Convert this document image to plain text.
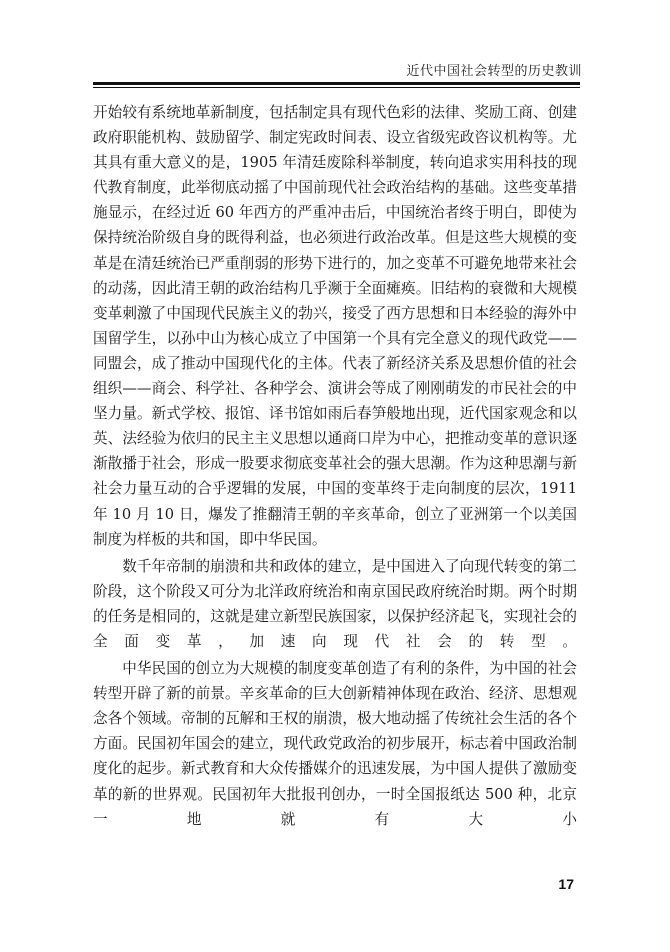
近代中国社会转型的历史教训

开始较有系统地革新制度，包括制定具有现代色彩的法律、奖励工商、创建政府职能机构、鼓励留学、制定宪政时间表、设立省级宪政咨议机构等。尤其具有重大意义的是，1905 年清廷废除科举制度，转向追求实用科技的现代教育制度，此举彻底动摇了中国前现代社会政治结构的基础。这些变革措施显示，在经过近 60 年西方的严重冲击后，中国统治者终于明白，即使为保持统治阶级自身的既得利益，也必须进行政治改革。但是这些大规模的变革是在清廷统治已严重削弱的形势下进行的，加之变革不可避免地带来社会的动荡，因此清王朝的政治结构几乎濒于全面瘫痪。旧结构的衰微和大规模变革刺激了中国现代民族主义的勃兴，接受了西方思想和日本经验的海外中国留学生，以孙中山为核心成立了中国第一个具有完全意义的现代政党——同盟会，成了推动中国现代化的主体。代表了新经济关系及思想价值的社会组织——商会、科学社、各种学会、演讲会等成了刚刚萌发的市民社会的中坚力量。新式学校、报馆、译书馆如雨后春笋般地出现，近代国家观念和以英、法经验为依归的民主主义思想以通商口岸为中心，把推动变革的意识逐渐散播于社会，形成一股要求彻底变革社会的强大思潮。作为这种思潮与新社会力量互动的合乎逻辑的发展，中国的变革终于走向制度的层次，1911 年 10 月 10 日，爆发了推翻清王朝的辛亥革命，创立了亚洲第一个以美国制度为样板的共和国，即中华民国。

数千年帝制的崩溃和共和政体的建立，是中国进入了向现代转变的第二阶段，这个阶段又可分为北洋政府统治和南京国民政府统治时期。两个时期的任务是相同的，这就是建立新型民族国家，以保护经济起飞，实现社会的全面变革，加速向现代社会的转型。

中华民国的创立为大规模的制度变革创造了有利的条件，为中国的社会转型开辟了新的前景。辛亥革命的巨大创新精神体现在政治、经济、思想观念各个领域。帝制的瓦解和王权的崩溃，极大地动摇了传统社会生活的各个方面。民国初年国会的建立，现代政党政治的初步展开，标志着中国政治制度化的起步。新式教育和大众传播媒介的迅速发展，为中国人提供了激励变革的新的世界观。民国初年大批报刊创办，一时全国报纸达 500 种，北京一地就有大小

17
